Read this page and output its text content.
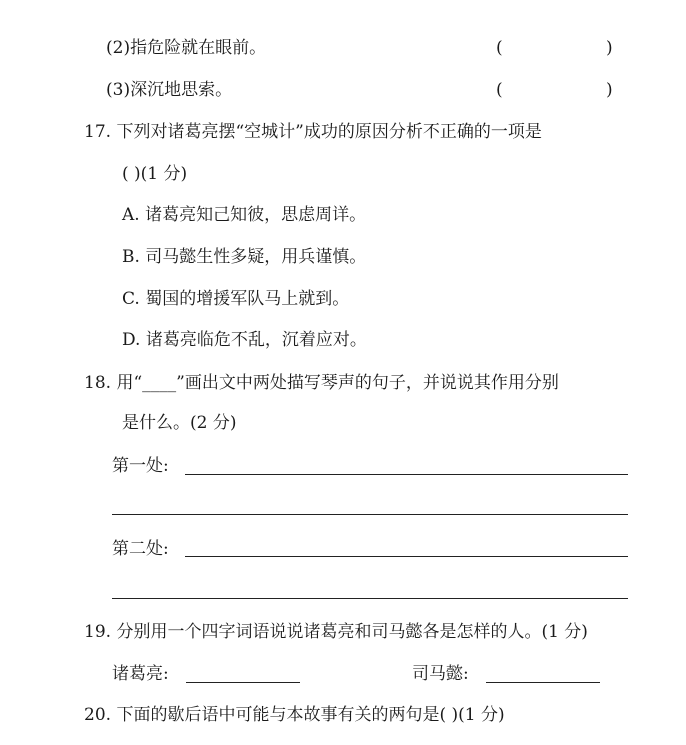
(2)指危险就在眼前。	(	)
(3)深沉地思索。	(	)
17. 下列对诸葛亮摆“空城计”成功的原因分析不正确的一项是
( )(1 分)
A. 诸葛亮知己知彼，思虑周详。
B. 司马懿生性多疑，用兵谨慎。
C. 蜀国的增援军队马上就到。
D. 诸葛亮临危不乱，沉着应对。
18. 用“____”画出文中两处描写琴声的句子，并说说其作用分别
是什么。(2 分)
第一处:
第二处:
19. 分别用一个四字词语说说诸葛亮和司马懿各是怎样的人。(1 分)
诸葛亮:	司马懿:
20. 下面的歇后语中可能与本故事有关的两句是( )(1 分)
